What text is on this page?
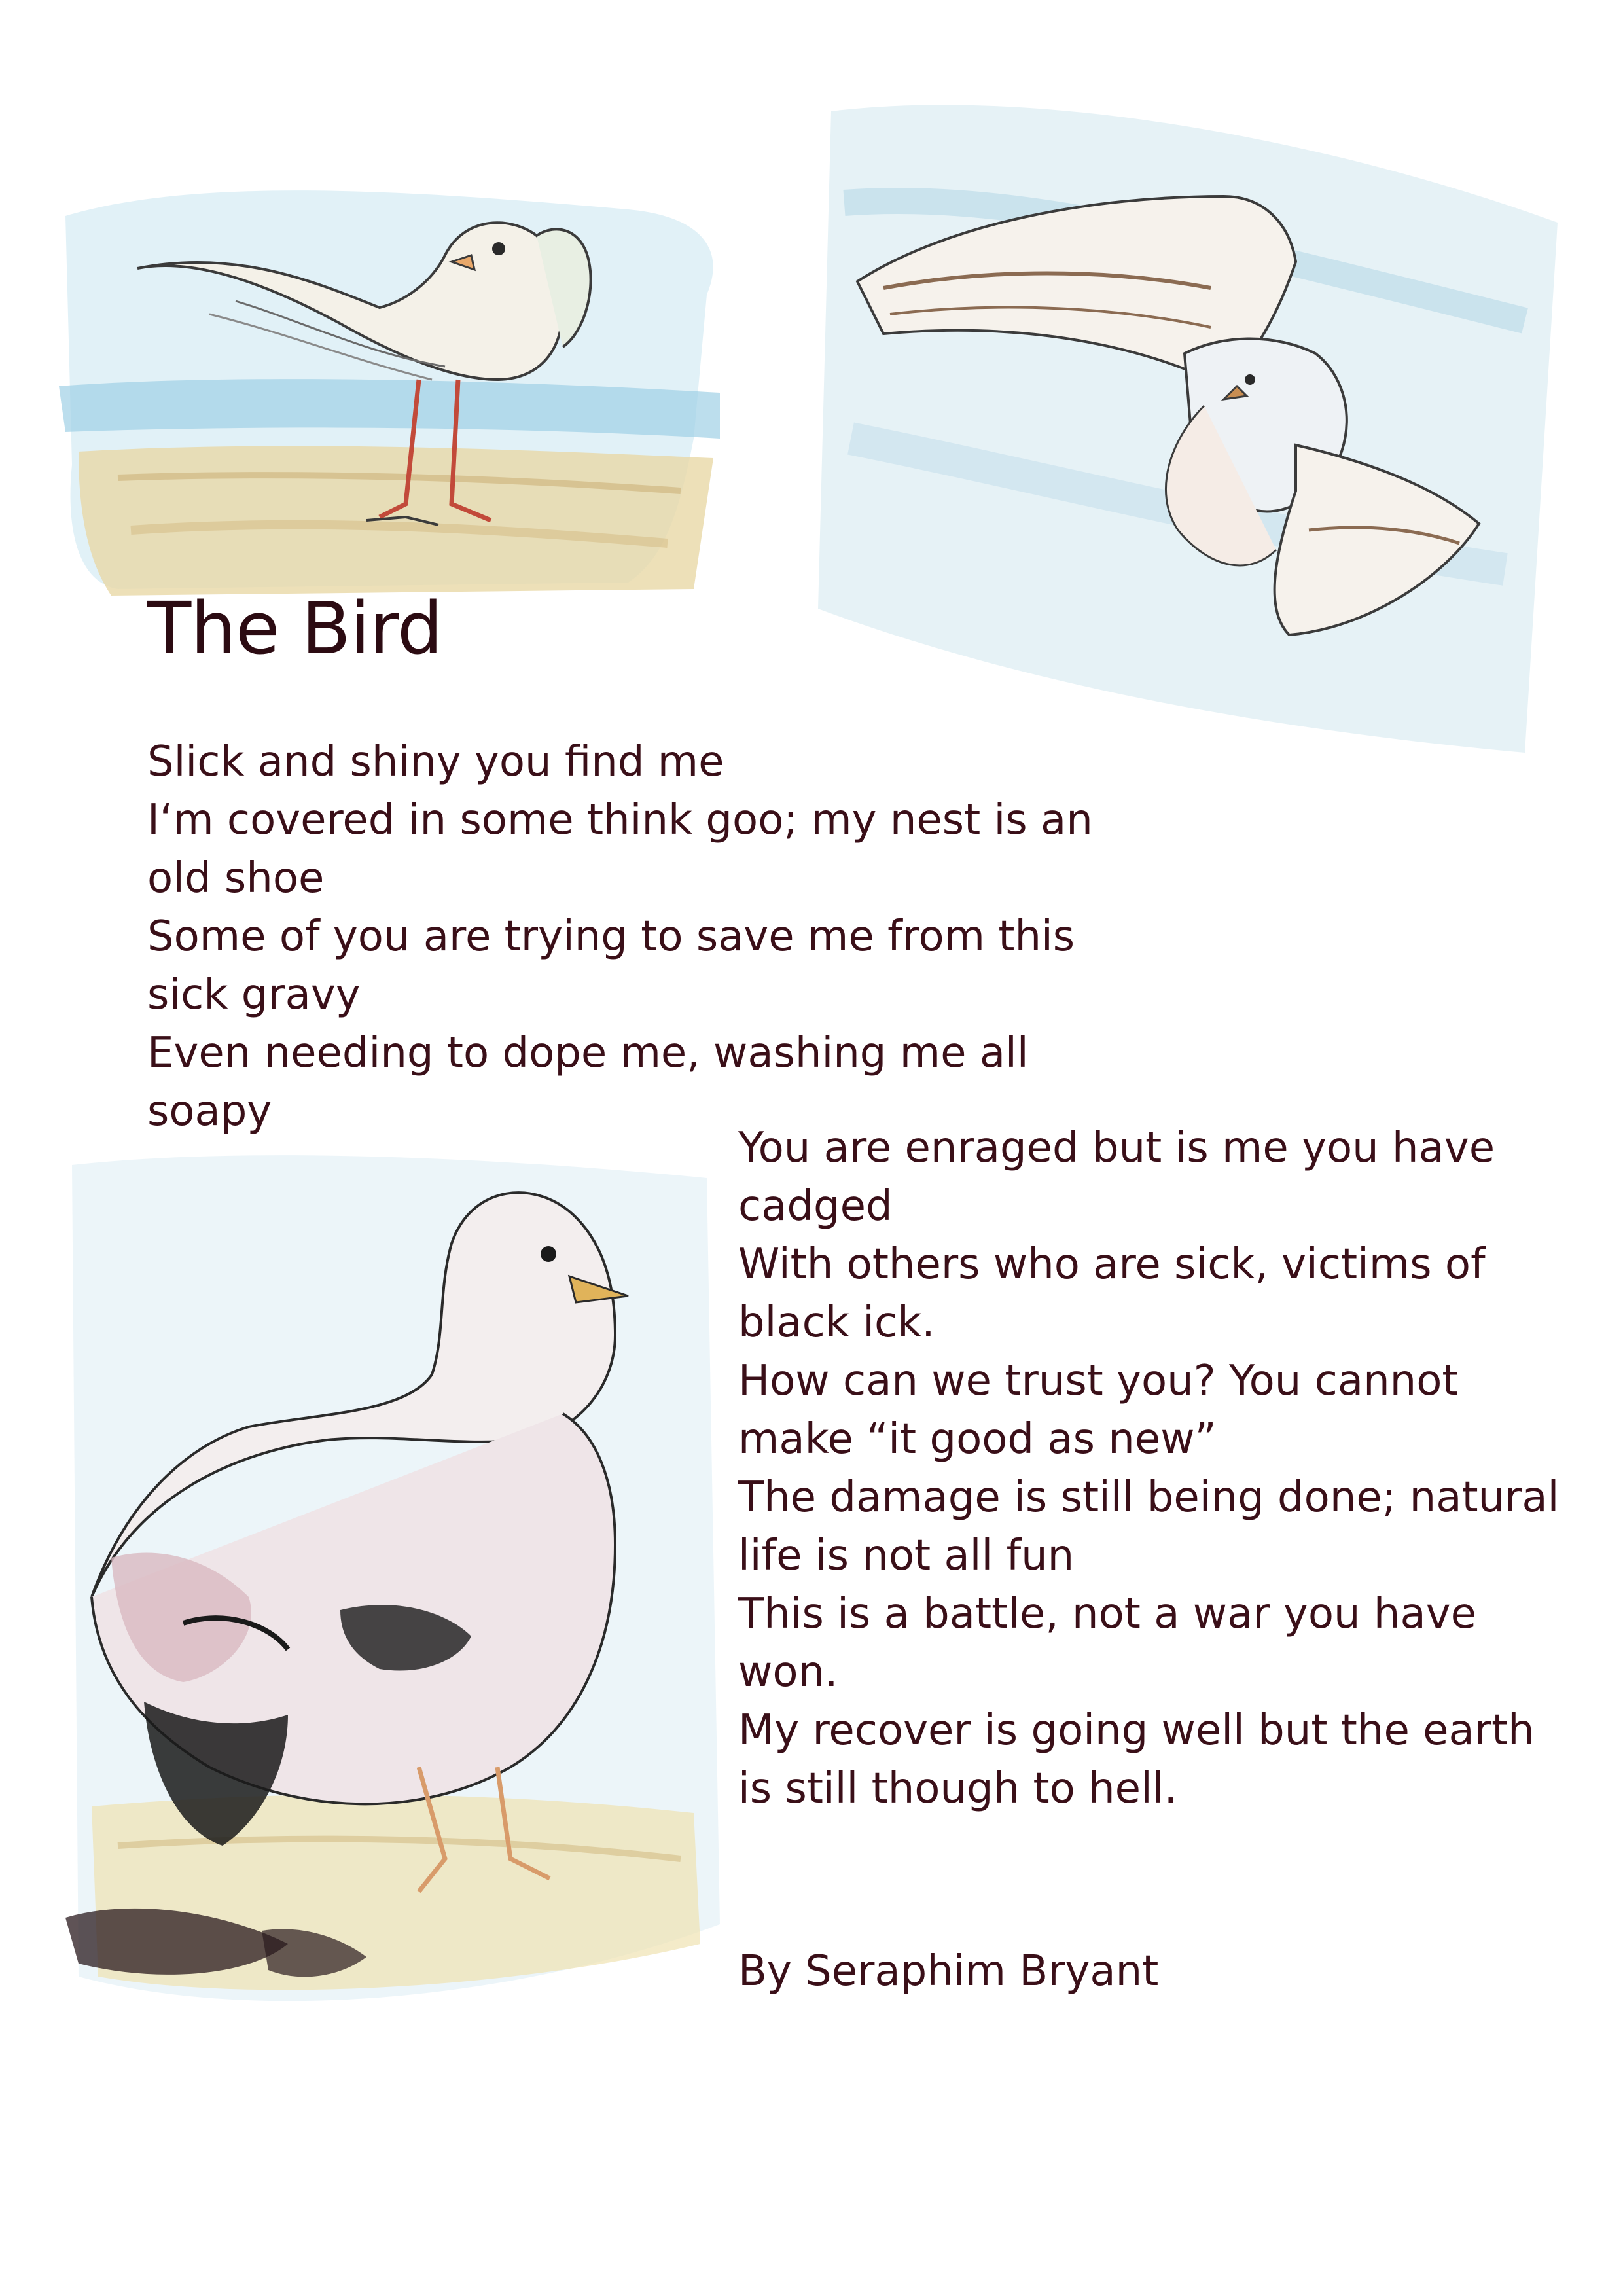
The Bird
Slick and shiny you find me
I‘m covered in some think goo; my nest is an
old shoe
Some of you are trying to save me from this
sick gravy
Even needing to dope me, washing me all
soapy
You are enraged but is me you have
cadged
With others who are sick, victims of
black ick.
How can we trust you? You cannot
make “it good as new”
The damage is still being done; natural
life is not all fun
This is a battle, not a war you have
won.
My recover is going well but the earth
is still though to hell.
By Seraphim Bryant
